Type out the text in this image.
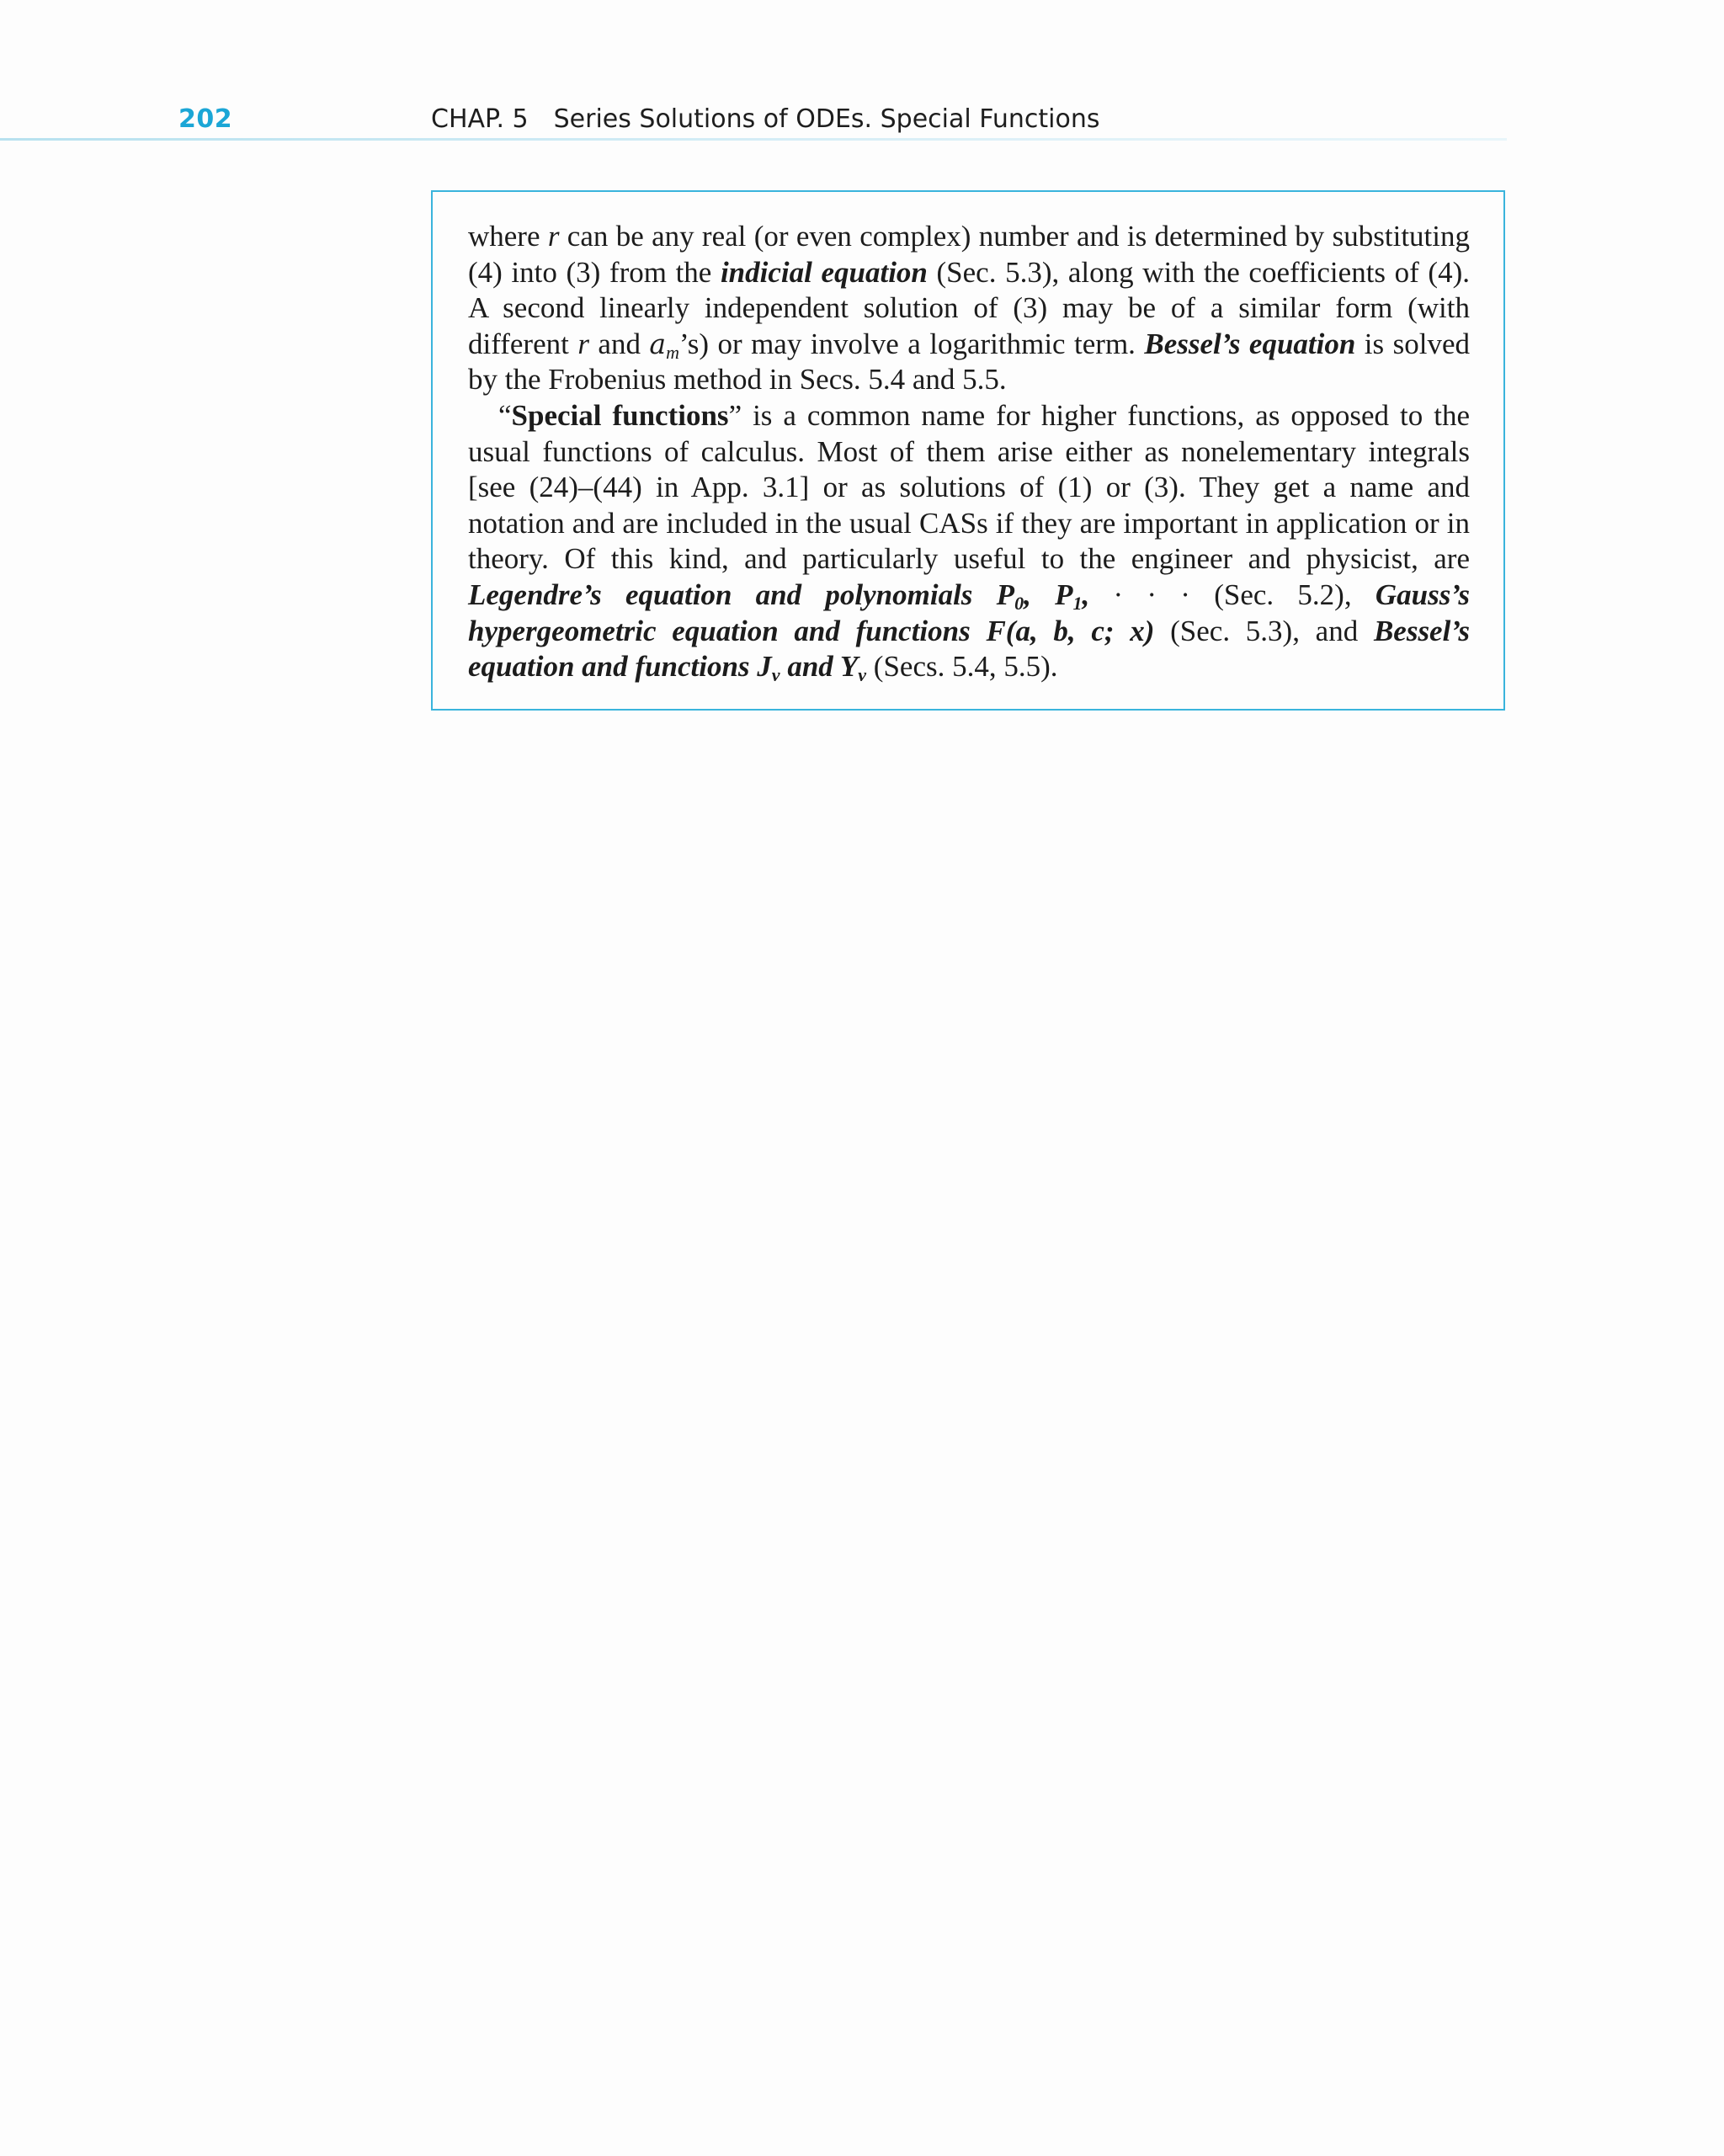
202	CHAP. 5 Series Solutions of ODEs. Special Functions

where r can be any real (or even complex) number and is determined by substituting (4) into (3) from the indicial equation (Sec. 5.3), along with the coefficients of (4). A second linearly independent solution of (3) may be of a similar form (with different r and $a_m’s$) or may involve a logarithmic term. Bessel’s equation is solved by the Frobenius method in Secs. 5.4 and 5.5.

“Special functions” is a common name for higher functions, as opposed to the usual functions of calculus. Most of them arise either as nonelementary integrals [see (24)–(44) in App. 3.1] or as solutions of (1) or (3). They get a name and notation and are included in the usual CASs if they are important in application or in theory. Of this kind, and particularly useful to the engineer and physicist, are Legendre’s equation and polynomials $P_0$, $P_1$, · · · (Sec. 5.2), Gauss’s hypergeometric equation and functions F(a, b, c; x) (Sec. 5.3), and Bessel’s equation and functions $J_\nu$ and $Y_\nu$ (Secs. 5.4, 5.5).
